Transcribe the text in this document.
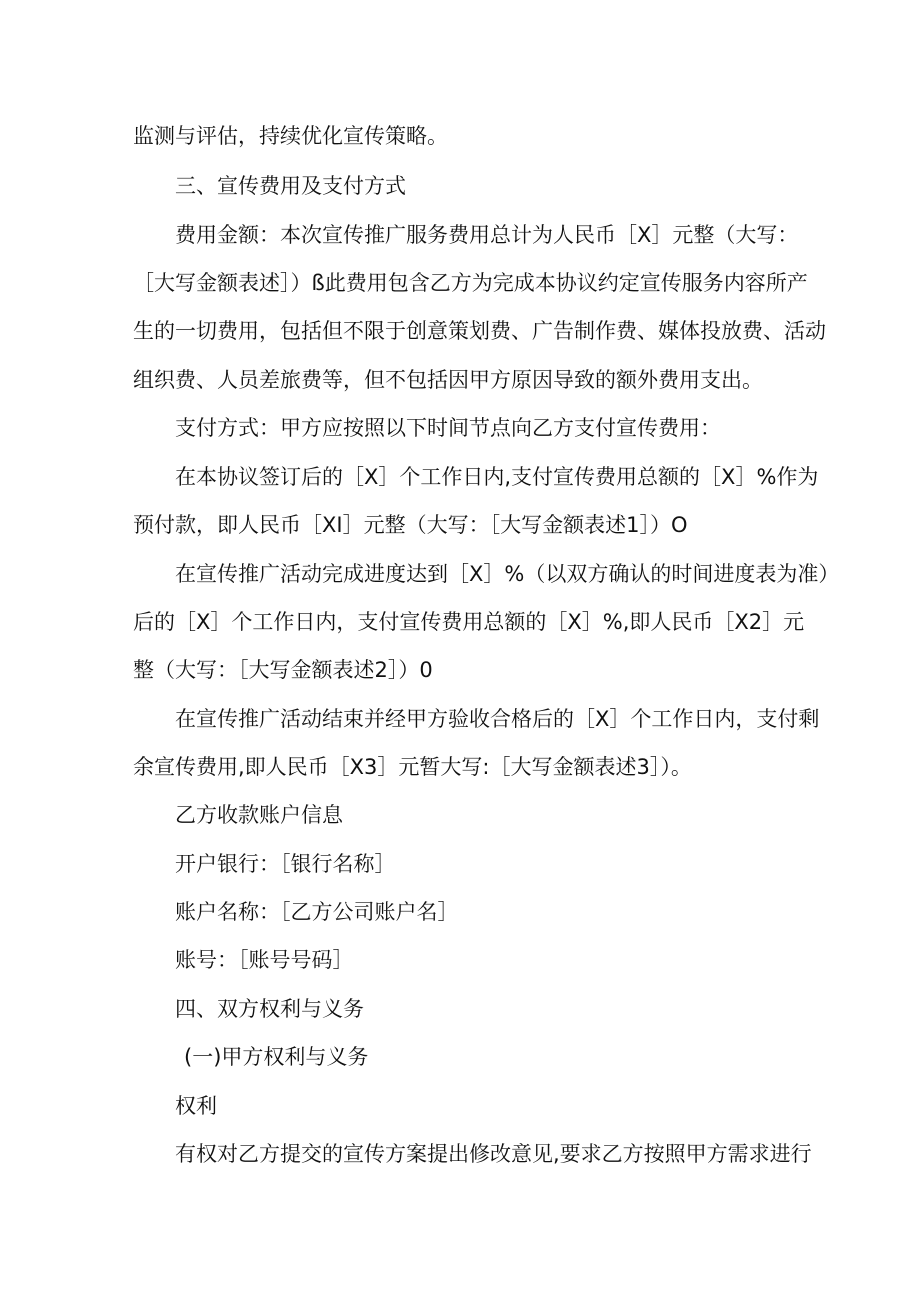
监测与评估，持续优化宣传策略。
三、宣传费用及支付方式
费用金额：本次宣传推广服务费用总计为人民币［X］元整（大写：
［大写金额表述］）ß此费用包含乙方为完成本协议约定宣传服务内容所产
生的一切费用，包括但不限于创意策划费、广告制作费、媒体投放费、活动
组织费、人员差旅费等，但不包括因甲方原因导致的额外费用支出。
支付方式：甲方应按照以下时间节点向乙方支付宣传费用：
在本协议签订后的［X］个工作日内,支付宣传费用总额的［X］%作为
预付款，即人民币［XI］元整（大写：［大写金额表述1］）O
在宣传推广活动完成进度达到［X］%（以双方确认的时间进度表为准）
后的［X］个工作日内，支付宣传费用总额的［X］%,即人民币［X2］元
整（大写：［大写金额表述2］）0
在宣传推广活动结束并经甲方验收合格后的［X］个工作日内，支付剩
余宣传费用,即人民币［X3］元暂大写:［大写金额表述3］）。
乙方收款账户信息
开户银行：［银行名称］
账户名称：［乙方公司账户名］
账号：［账号号码］
四、双方权利与义务
(一)甲方权利与义务
权利
有权对乙方提交的宣传方案提出修改意见,要求乙方按照甲方需求进行
